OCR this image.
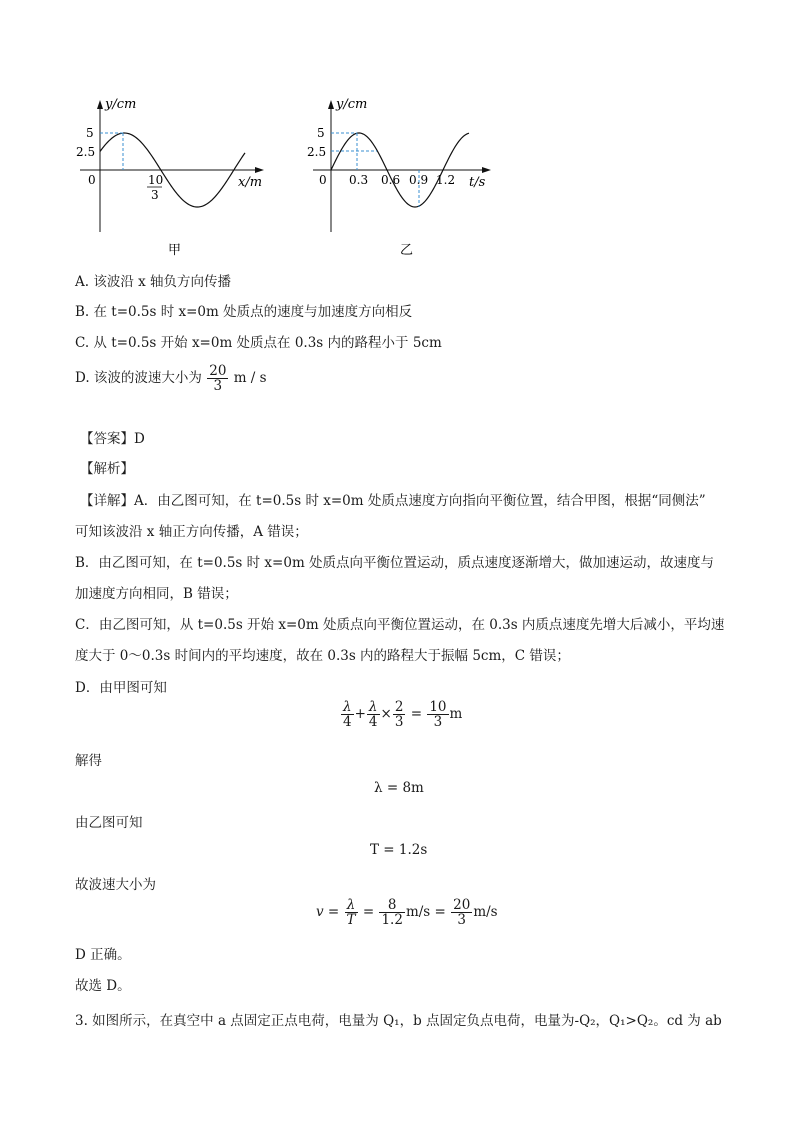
y/cm
5
2.5
0	10
3
x/m
甲
y/cm
5
2.5
0 0.3 0.6 0.9 1.2 t/s
乙
A. 该波沿 x 轴负方向传播
B. 在 t=0.5s 时 x=0m 处质点的速度与加速度方向相反
C. 从 t=0.5s 开始 x=0m 处质点在 0.3s 内的路程小于 5cm
D. 该波的波速大小为 $\frac{20}{3}$ m / s
【答案】D
【解析】
【详解】A．由乙图可知，在 t=0.5s 时 x=0m 处质点速度方向指向平衡位置，结合甲图，根据“同侧法”
可知该波沿 x 轴正方向传播，A 错误；
B．由乙图可知，在 t=0.5s 时 x=0m 处质点向平衡位置运动，质点速度逐渐增大，做加速运动，故速度与
加速度方向相同，B 错误；
C．由乙图可知，从 t=0.5s 开始 x=0m 处质点向平衡位置运动，在 0.3s 内质点速度先增大后减小，平均速
度大于 0～0.3s 时间内的平均速度，故在 0.3s 内的路程大于振幅 5cm，C 错误；
D．由甲图可知
$\frac{\lambda}{4} + \frac{\lambda}{4} \times \frac{2}{3} = \frac{10}{3}$ m
解得
λ = 8m
由乙图可知
T = 1.2s
故波速大小为
$v = \frac{\lambda}{T} = \frac{8}{1.2} m/s = \frac{20}{3} m/s$
D 正确。
故选 D。
3. 如图所示，在真空中 a 点固定正点电荷，电量为 Q₁，b 点固定负点电荷，电量为-Q₂，Q₁>Q₂。cd 为 ab
